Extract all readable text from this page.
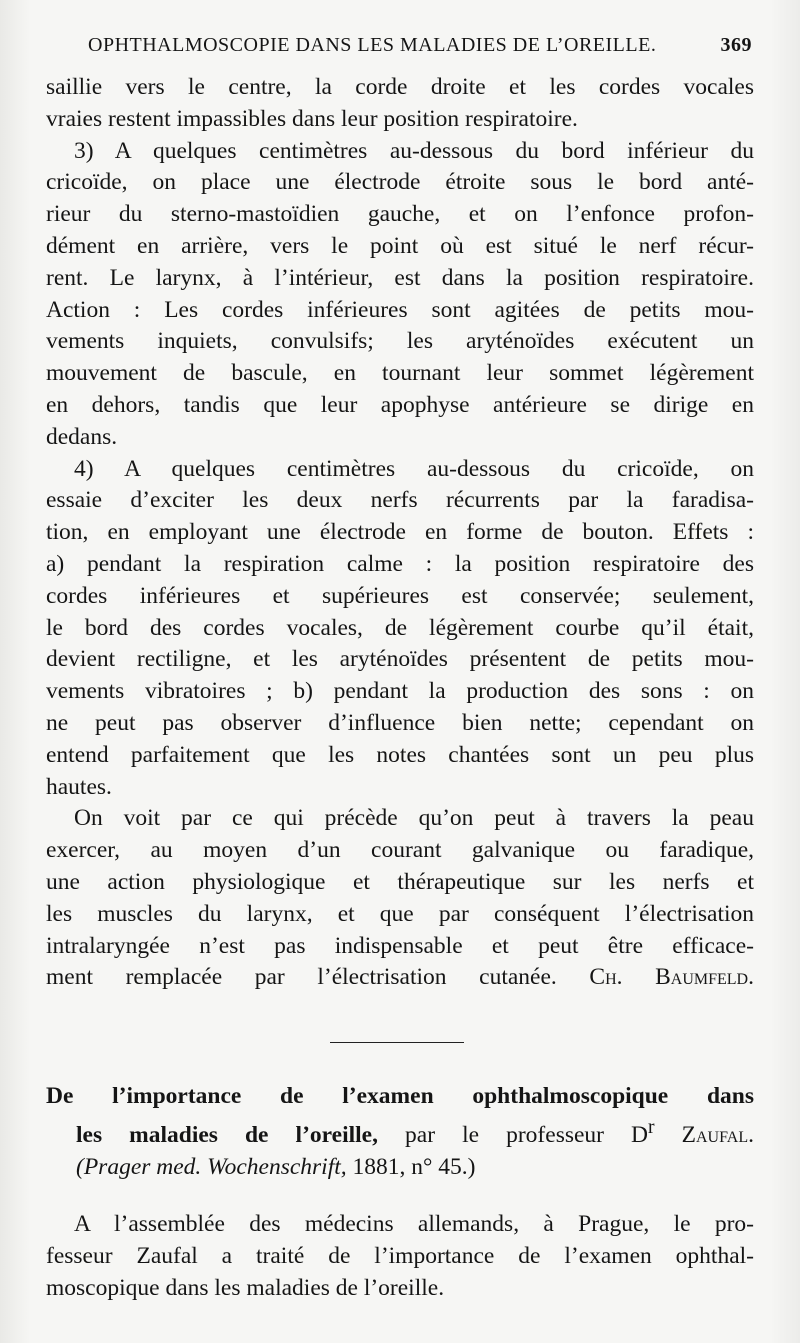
OPHTHALMOSCOPIE DANS LES MALADIES DE L’OREILLE.	369
saillie vers le centre, la corde droite et les cordes vocales
vraies restent impassibles dans leur position respiratoire.
3) A quelques centimètres au-dessous du bord inférieur du
cricoïde, on place une électrode étroite sous le bord anté-
rieur du sterno-mastoïdien gauche, et on l’enfonce profon-
dément en arrière, vers le point où est situé le nerf récur-
rent. Le larynx, à l’intérieur, est dans la position respiratoire.
Action : Les cordes inférieures sont agitées de petits mou-
vements inquiets, convulsifs; les aryténoïdes exécutent un
mouvement de bascule, en tournant leur sommet légèrement
en dehors, tandis que leur apophyse antérieure se dirige en
dedans.
4) A quelques centimètres au-dessous du cricoïde, on
essaie d’exciter les deux nerfs récurrents par la faradisa-
tion, en employant une électrode en forme de bouton. Effets :
a) pendant la respiration calme : la position respiratoire des
cordes inférieures et supérieures est conservée; seulement,
le bord des cordes vocales, de légèrement courbe qu’il était,
devient rectiligne, et les aryténoïdes présentent de petits mou-
vements vibratoires ; b) pendant la production des sons : on
ne peut pas observer d’influence bien nette; cependant on
entend parfaitement que les notes chantées sont un peu plus
hautes.
On voit par ce qui précède qu’on peut à travers la peau
exercer, au moyen d’un courant galvanique ou faradique,
une action physiologique et thérapeutique sur les nerfs et
les muscles du larynx, et que par conséquent l’électrisation
intralaryngée n’est pas indispensable et peut être efficace-
ment remplacée par l’électrisation cutanée. Ch. Baumfeld.
De l’importance de l’examen ophthalmoscopique dans
les maladies de l’oreille, par le professeur $D^r$ Zaufal.
(Prager med. Wochenschrift, 1881, n° 45.)
A l’assemblée des médecins allemands, à Prague, le pro-
fesseur Zaufal a traité de l’importance de l’examen ophthal-
moscopique dans les maladies de l’oreille.
